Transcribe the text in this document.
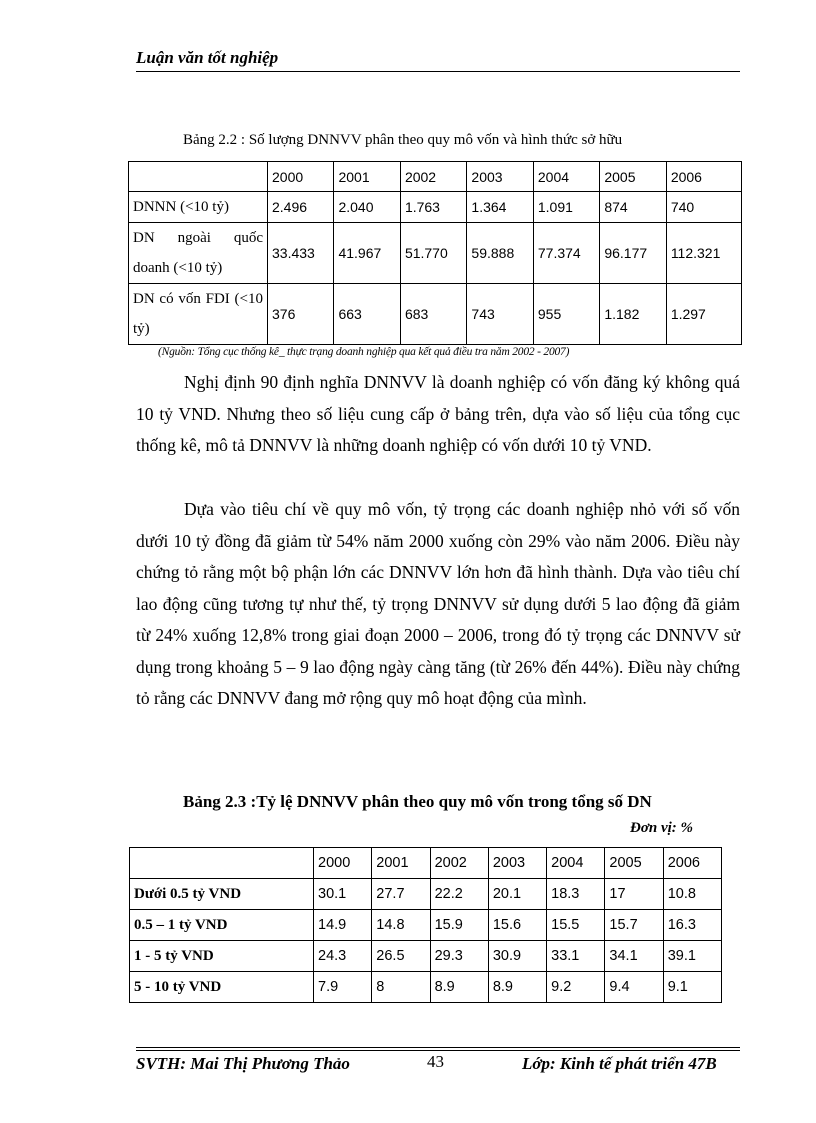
Luận văn tốt nghiệp
Bảng 2.2 : Số lượng DNNVV phân theo quy mô vốn và hình thức sở hữu
	2000	2001	2002	2003	2004	2005	2006
DNNN (<10 tỷ)	2.496	2.040	1.763	1.364	1.091	874	740
DN ngoài quốc doanh (<10 tỷ)	33.433	41.967	51.770	59.888	77.374	96.177	112.321
DN có vốn FDI (<10 tỷ)	376	663	683	743	955	1.182	1.297
(Nguồn: Tổng cục thống kê_ thực trạng doanh nghiệp qua kết quả điều tra năm 2002 - 2007)

Nghị định 90 định nghĩa DNNVV là doanh nghiệp có vốn đăng ký không quá 10 tỷ VND. Nhưng theo số liệu cung cấp ở bảng trên, dựa vào số liệu của tổng cục thống kê, mô tả DNNVV là những doanh nghiệp có vốn dưới 10 tỷ VND.

Dựa vào tiêu chí về quy mô vốn, tỷ trọng các doanh nghiệp nhỏ với số vốn dưới 10 tỷ đồng đã giảm từ 54% năm 2000 xuống còn 29% vào năm 2006. Điều này chứng tỏ rằng một bộ phận lớn các DNNVV lớn hơn đã hình thành. Dựa vào tiêu chí lao động cũng tương tự như thế, tỷ trọng DNNVV sử dụng dưới 5 lao động đã giảm từ 24% xuống 12,8% trong giai đoạn 2000 – 2006, trong đó tỷ trọng các DNNVV sử dụng trong khoảng 5 – 9 lao động ngày càng tăng (từ 26% đến 44%). Điều này chứng tỏ rằng các DNNVV đang mở rộng quy mô hoạt động của mình.

Bảng 2.3 :Tỷ lệ DNNVV phân theo quy mô vốn trong tổng số DN
Đơn vị: %
	2000	2001	2002	2003	2004	2005	2006
Dưới 0.5 tỷ VND	30.1	27.7	22.2	20.1	18.3	17	10.8
0.5 – 1 tỷ VND	14.9	14.8	15.9	15.6	15.5	15.7	16.3
1 - 5 tỷ VND	24.3	26.5	29.3	30.9	33.1	34.1	39.1
5 - 10 tỷ VND	7.9	8	8.9	8.9	9.2	9.4	9.1
SVTH: Mai Thị Phương Thảo	43	Lớp: Kinh tế phát triển 47B
